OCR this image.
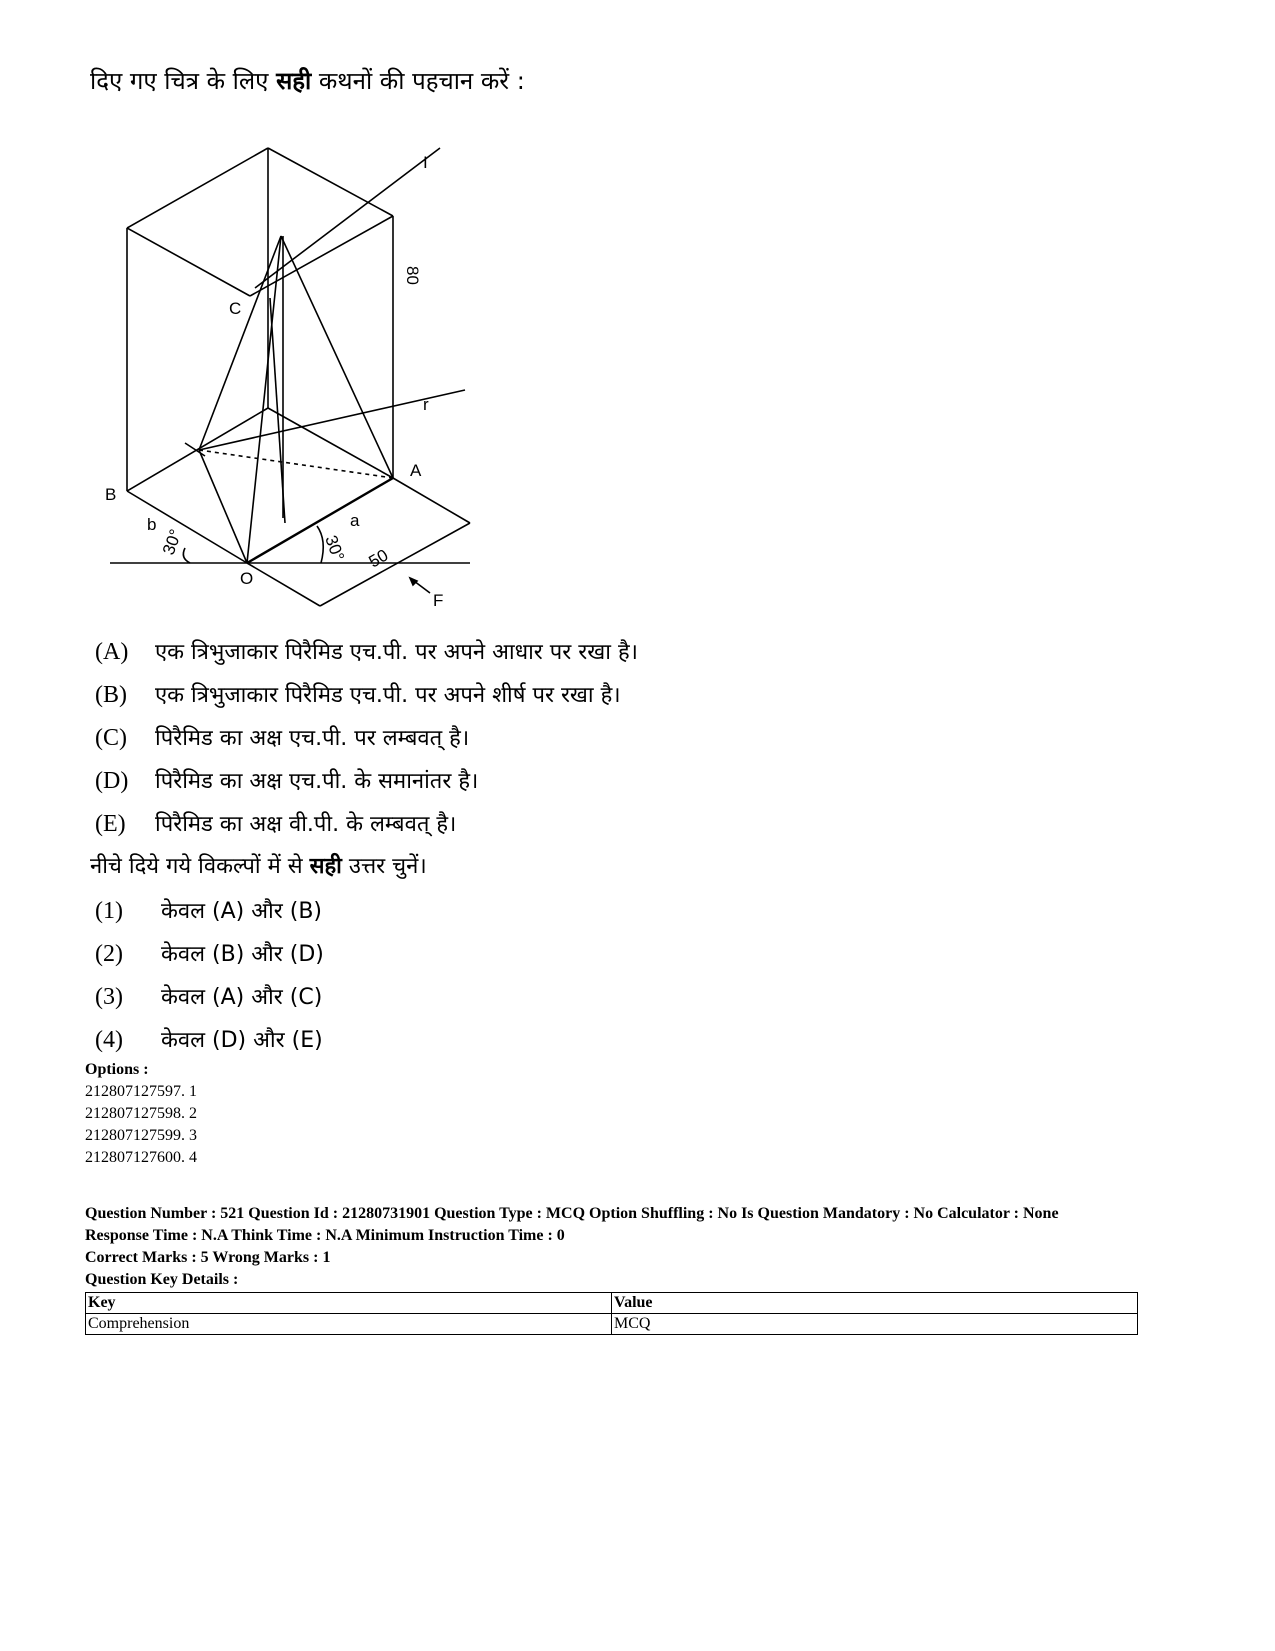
दिए गए चित्र के लिए सही कथनों की पहचान करें :
C
B
A
O
F
b	a
r
I
80
50
30°	30°
(A) एक त्रिभुजाकार पिरैमिड एच.पी. पर अपने आधार पर रखा है।
(B) एक त्रिभुजाकार पिरैमिड एच.पी. पर अपने शीर्ष पर रखा है।
(C) पिरैमिड का अक्ष एच.पी. पर लम्बवत् है।
(D) पिरैमिड का अक्ष एच.पी. के समानांतर है।
(E) पिरैमिड का अक्ष वी.पी. के लम्बवत् है।
नीचे दिये गये विकल्पों में से सही उत्तर चुनें।
(1) केवल (A) और (B)
(2) केवल (B) और (D)
(3) केवल (A) और (C)
(4) केवल (D) और (E)
Options :
212807127597. 1
212807127598. 2
212807127599. 3
212807127600. 4
Question Number : 521 Question Id : 21280731901 Question Type : MCQ Option Shuffling : No Is Question Mandatory : No Calculator : None
Response Time : N.A Think Time : N.A Minimum Instruction Time : 0
Correct Marks : 5 Wrong Marks : 1
Question Key Details :
Key	Value
Comprehension	MCQ
